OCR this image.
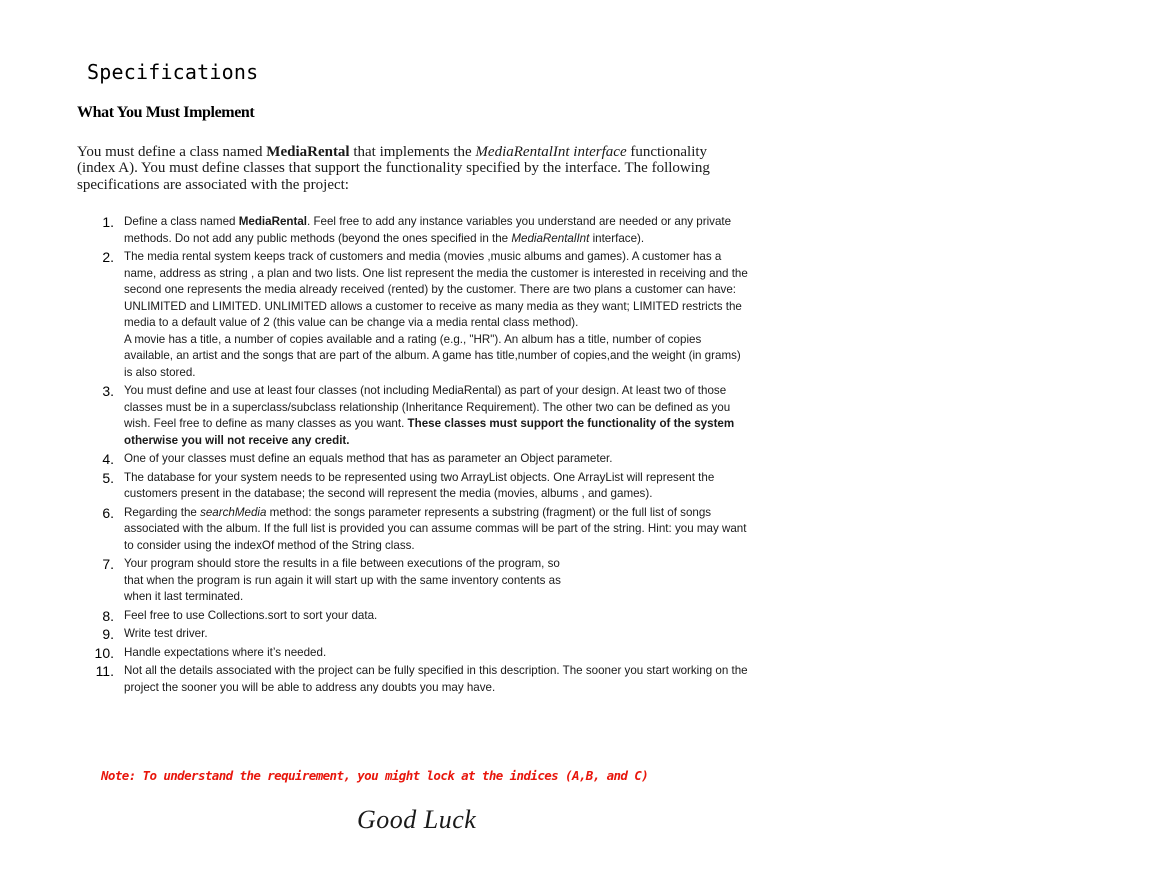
Specifications
What You Must Implement
You must define a class named MediaRental that implements the MediaRentalInt interface functionality (index A). You must define classes that support the functionality specified by the interface. The following specifications are associated with the project:
1. Define a class named MediaRental. Feel free to add any instance variables you understand are needed or any private methods. Do not add any public methods (beyond the ones specified in the MediaRentalInt interface).

2. The media rental system keeps track of customers and media (movies ,music albums and games). A customer has a name, address as string , a plan and two lists. One list represent the media the customer is interested in receiving and the second one represents the media already received (rented) by the customer. There are two plans a customer can have: UNLIMITED and LIMITED. UNLIMITED allows a customer to receive as many media as they want; LIMITED restricts the media to a default value of 2 (this value can be change via a media rental class method).

A movie has a title, a number of copies available and a rating (e.g., "HR"). An album has a title, number of copies available, an artist and the songs that are part of the album. A game has title,number of copies,and the weight (in grams) is also stored.

3. You must define and use at least four classes (not including MediaRental) as part of your design. At least two of those classes must be in a superclass/subclass relationship (Inheritance Requirement). The other two can be defined as you wish. Feel free to define as many classes as you want. These classes must support the functionality of the system otherwise you will not receive any credit.

4. One of your classes must define an equals method that has as parameter an Object parameter.

5. The database for your system needs to be represented using two ArrayList objects. One ArrayList will represent the customers present in the database; the second will represent the media (movies, albums , and games).

6. Regarding the searchMedia method: the songs parameter represents a substring (fragment) or the full list of songs associated with the album. If the full list is provided you can assume commas will be part of the string. Hint: you may want to consider using the indexOf method of the String class.

7. Your program should store the results in a file between executions of the program, so

that when the program is run again it will start up with the same inventory contents as

when it last terminated.

8. Feel free to use Collections.sort to sort your data.

9. Write test driver.

10. Handle expectations where it’s needed.

11. Not all the details associated with the project can be fully specified in this description. The sooner you start working on the project the sooner you will be able to address any doubts you may have.

Note: To understand the requirement, you might lock at the indices (A,B, and C)
Good Luck
